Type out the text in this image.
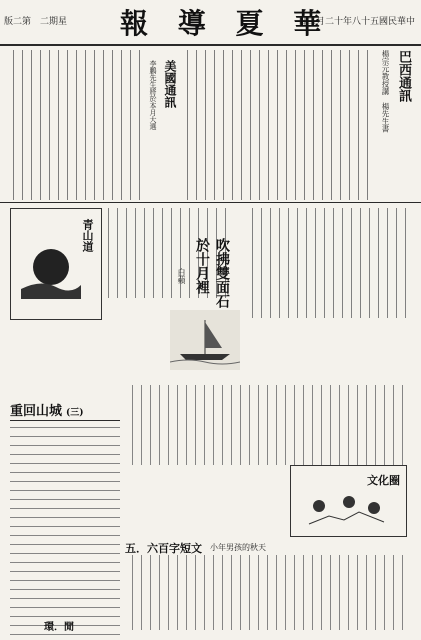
版二第　二期星 報 導 夏 華
日二月二十年八十五國民華中
巴西通訊
楊宗元教授講　楊先生書
美國通訊
李鵬先生將於本月大選
青山道
吹拂雙面石於十月裡
白蘋
重回山城 (三)
文化圈
五．六百字短文 小年男孩的秋天
環．閒
